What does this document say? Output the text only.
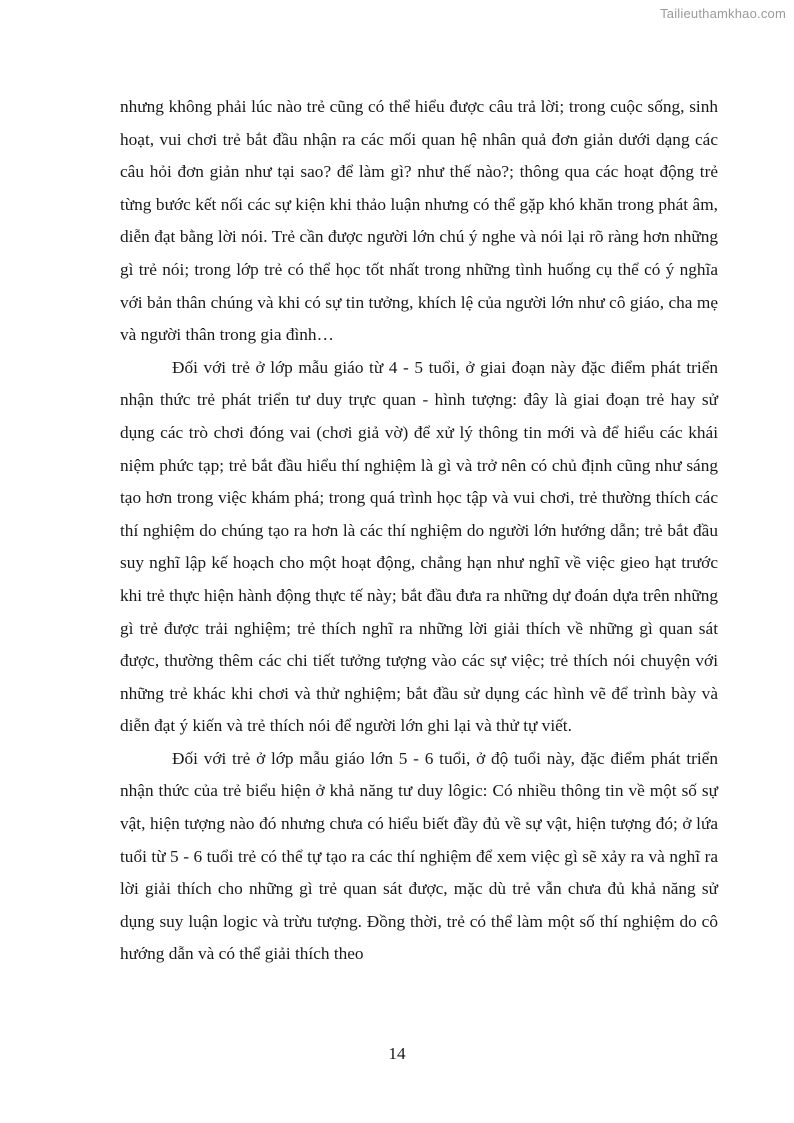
Tailieuthamkhao.com

nhưng không phải lúc nào trẻ cũng có thể hiểu được câu trả lời; trong cuộc sống, sinh hoạt, vui chơi trẻ bắt đầu nhận ra các mối quan hệ nhân quả đơn giản dưới dạng các câu hỏi đơn giản như tại sao? để làm gì? như thế nào?; thông qua các hoạt động trẻ từng bước kết nối các sự kiện khi thảo luận nhưng có thể gặp khó khăn trong phát âm, diễn đạt bằng lời nói. Trẻ cần được người lớn chú ý nghe và nói lại rõ ràng hơn những gì trẻ nói; trong lớp trẻ có thể học tốt nhất trong những tình huống cụ thể có ý nghĩa với bản thân chúng và khi có sự tin tưởng, khích lệ của người lớn như cô giáo, cha mẹ và người thân trong gia đình…

Đối với trẻ ở lớp mẫu giáo từ 4 - 5 tuổi, ở giai đoạn này đặc điểm phát triển nhận thức trẻ phát triển tư duy trực quan - hình tượng: đây là giai đoạn trẻ hay sử dụng các trò chơi đóng vai (chơi giả vờ) để xử lý thông tin mới và để hiểu các khái niệm phức tạp; trẻ bắt đầu hiểu thí nghiệm là gì và trở nên có chủ định cũng như sáng tạo hơn trong việc khám phá; trong quá trình học tập và vui chơi, trẻ thường thích các thí nghiệm do chúng tạo ra hơn là các thí nghiệm do người lớn hướng dẫn; trẻ bắt đầu suy nghĩ lập kế hoạch cho một hoạt động, chẳng hạn như nghĩ về việc gieo hạt trước khi trẻ thực hiện hành động thực tế này; bắt đầu đưa ra những dự đoán dựa trên những gì trẻ được trải nghiệm; trẻ thích nghĩ ra những lời giải thích về những gì quan sát được, thường thêm các chi tiết tưởng tượng vào các sự việc; trẻ thích nói chuyện với những trẻ khác khi chơi và thử nghiệm; bắt đầu sử dụng các hình vẽ để trình bày và diễn đạt ý kiến và trẻ thích nói để người lớn ghi lại và thử tự viết.

Đối với trẻ ở lớp mẫu giáo lớn 5 - 6 tuổi, ở độ tuổi này, đặc điểm phát triển nhận thức của trẻ biểu hiện ở khả năng tư duy lôgic: Có nhiều thông tin về một số sự vật, hiện tượng nào đó nhưng chưa có hiểu biết đầy đủ về sự vật, hiện tượng đó; ở lứa tuổi từ 5 - 6 tuổi trẻ có thể tự tạo ra các thí nghiệm để xem việc gì sẽ xảy ra và nghĩ ra lời giải thích cho những gì trẻ quan sát được, mặc dù trẻ vẫn chưa đủ khả năng sử dụng suy luận logic và trừu tượng. Đồng thời, trẻ có thể làm một số thí nghiệm do cô hướng dẫn và có thể giải thích theo

14
